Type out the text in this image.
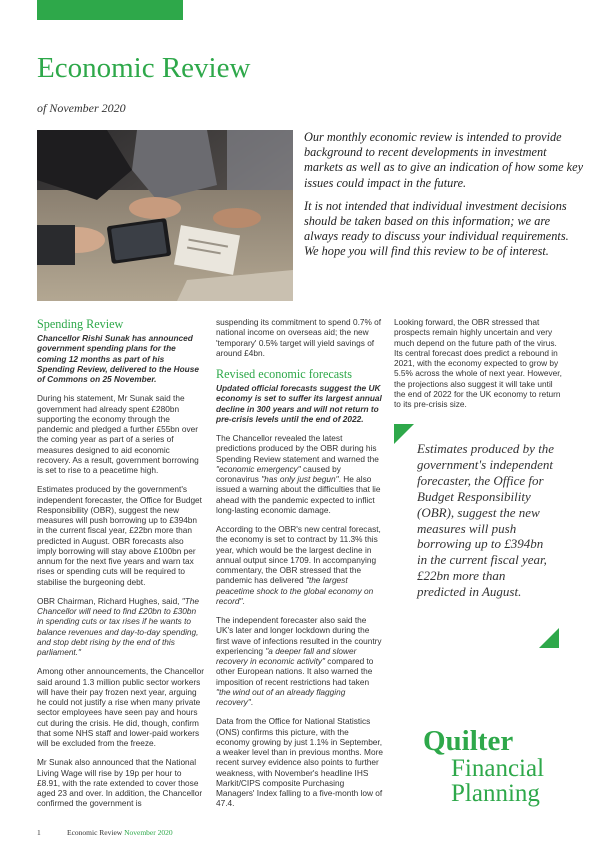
Economic Review
of November 2020

Our monthly economic review is intended to provide background to recent developments in investment markets as well as to give an indication of how some key issues could impact in the future.

It is not intended that individual investment decisions should be taken based on this information; we are always ready to discuss your individual requirements. We hope you will find this review to be of interest.

Spending Review

Chancellor Rishi Sunak has announced government spending plans for the coming 12 months as part of his Spending Review, delivered to the House of Commons on 25 November.

During his statement, Mr Sunak said the government had already spent £280bn supporting the economy through the pandemic and pledged a further £55bn over the coming year as part of a series of measures designed to aid economic recovery. As a result, government borrowing is set to rise to a peacetime high.

Estimates produced by the government's independent forecaster, the Office for Budget Responsibility (OBR), suggest the new measures will push borrowing up to £394bn in the current fiscal year, £22bn more than predicted in August. OBR forecasts also imply borrowing will stay above £100bn per annum for the next five years and warn tax rises or spending cuts will be required to stabilise the burgeoning debt.

OBR Chairman, Richard Hughes, said, "The Chancellor will need to find £20bn to £30bn in spending cuts or tax rises if he wants to balance revenues and day-to-day spending, and stop debt rising by the end of this parliament."

Among other announcements, the Chancellor said around 1.3 million public sector workers will have their pay frozen next year, arguing he could not justify a rise when many private sector employees have seen pay and hours cut during the crisis. He did, though, confirm that some NHS staff and lower-paid workers will be excluded from the freeze.

Mr Sunak also announced that the National Living Wage will rise by 19p per hour to £8.91, with the rate extended to cover those aged 23 and over. In addition, the Chancellor confirmed the government is

suspending its commitment to spend 0.7% of national income on overseas aid; the new 'temporary' 0.5% target will yield savings of around £4bn.

Revised economic forecasts

Updated official forecasts suggest the UK economy is set to suffer its largest annual decline in 300 years and will not return to pre-crisis levels until the end of 2022.

The Chancellor revealed the latest predictions produced by the OBR during his Spending Review statement and warned the "economic emergency" caused by coronavirus "has only just begun". He also issued a warning about the difficulties that lie ahead with the pandemic expected to inflict long-lasting economic damage.

According to the OBR's new central forecast, the economy is set to contract by 11.3% this year, which would be the largest decline in annual output since 1709. In accompanying commentary, the OBR stressed that the pandemic has delivered "the largest peacetime shock to the global economy on record".

The independent forecaster also said the UK's later and longer lockdown during the first wave of infections resulted in the country experiencing "a deeper fall and slower recovery in economic activity" compared to other European nations. It also warned the imposition of recent restrictions had taken "the wind out of an already flagging recovery".

Data from the Office for National Statistics (ONS) confirms this picture, with the economy growing by just 1.1% in September, a weaker level than in previous months. More recent survey evidence also points to further weakness, with November's headline IHS Markit/CIPS composite Purchasing Managers' Index falling to a five-month low of 47.4.

Looking forward, the OBR stressed that prospects remain highly uncertain and very much depend on the future path of the virus. Its central forecast does predict a rebound in 2021, with the economy expected to grow by 5.5% across the whole of next year. However, the projections also suggest it will take until the end of 2022 for the UK economy to return to its pre-crisis size.

Estimates produced by the government's independent forecaster, the Office for Budget Responsibility (OBR), suggest the new measures will push borrowing up to £394bn in the current fiscal year, £22bn more than predicted in August.
Quilter
Financial
Planning
1	Economic Review November 2020
